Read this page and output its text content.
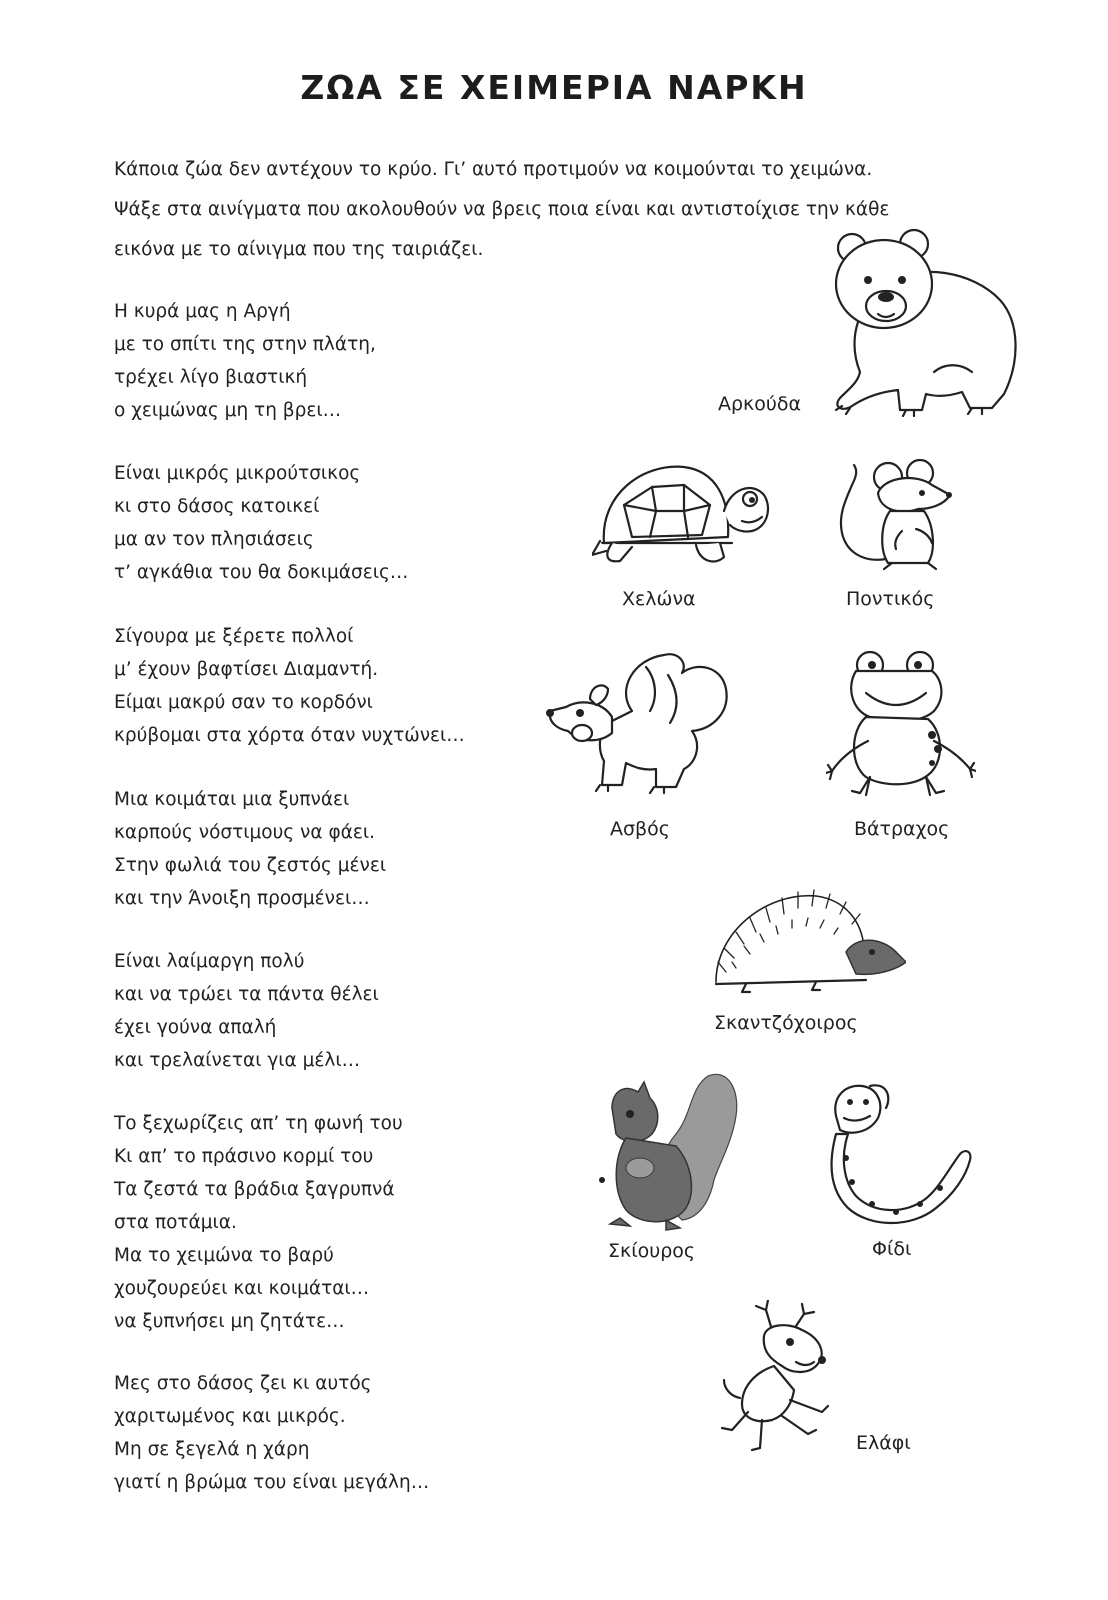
ΖΩΑ ΣΕ ΧΕΙΜΕΡΙΑ ΝΑΡΚΗ
Κάποια ζώα δεν αντέχουν το κρύο. Γι’ αυτό προτιμούν να κοιμούνται το χειμώνα.
Ψάξε στα αινίγματα που ακολουθούν να βρεις ποια είναι και αντιστοίχισε την κάθε
εικόνα με το αίνιγμα που της ταιριάζει.
Η κυρά μας η Αργή
με το σπίτι της στην πλάτη,
τρέχει λίγο βιαστική
ο χειμώνας μη τη βρει…
Είναι μικρός μικρούτσικος
κι στο δάσος κατοικεί
μα αν τον πλησιάσεις
τ’ αγκάθια του θα δοκιμάσεις…
Σίγουρα με ξέρετε πολλοί
μ’ έχουν βαφτίσει Διαμαντή.
Είμαι μακρύ σαν το κορδόνι
κρύβομαι στα χόρτα όταν νυχτώνει…
Μια κοιμάται μια ξυπνάει
καρπούς νόστιμους να φάει.
Στην φωλιά του ζεστός μένει
και την Άνοιξη προσμένει…
Είναι λαίμαργη πολύ
και να τρώει τα πάντα θέλει
έχει γούνα απαλή
και τρελαίνεται για μέλι…
Το ξεχωρίζεις απ’ τη φωνή του
Κι απ’ το πράσινο κορμί του
Τα ζεστά τα βράδια ξαγρυπνά
στα ποτάμια.
Μα το χειμώνα το βαρύ
χουζουρεύει και κοιμάται…
να ξυπνήσει μη ζητάτε…
Μες στο δάσος ζει κι αυτός
χαριτωμένος και μικρός.
Μη σε ξεγελά η χάρη
γιατί η βρώμα του είναι μεγάλη…
Αρκούδα
Χελώνα	Ποντικός
Ασβός	Βάτραχος
Σκαντζόχοιρος
Σκίουρος	Φίδι
Ελάφι
